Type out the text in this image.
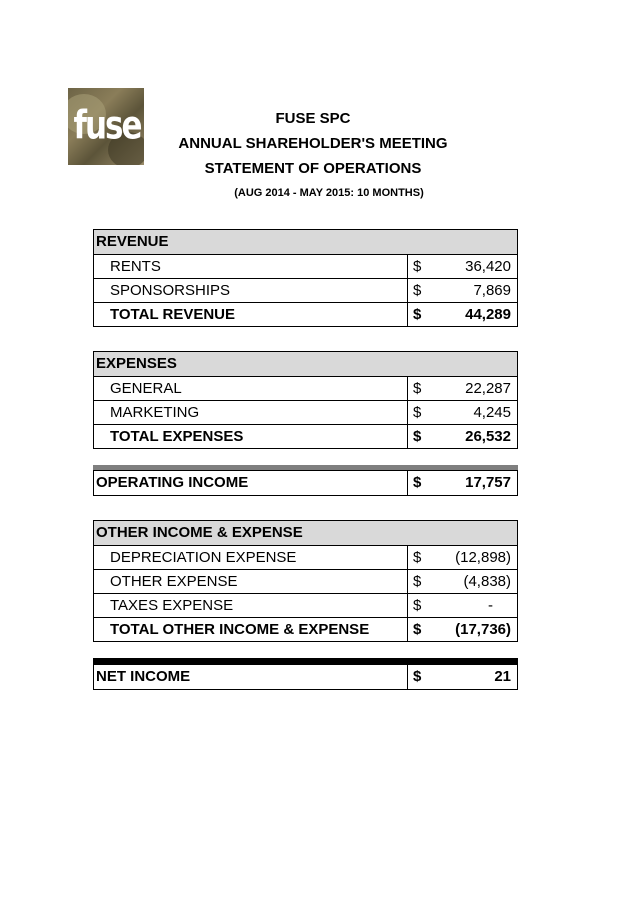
fuse	FUSE SPC
ANNUAL SHAREHOLDER'S MEETING
STATEMENT OF OPERATIONS
(AUG 2014 - MAY 2015: 10 MONTHS)
REVENUE
RENTS	$	36,420
SPONSORSHIPS	$	7,869
TOTAL REVENUE	$	44,289
EXPENSES
GENERAL	$	22,287
MARKETING	$	4,245
TOTAL EXPENSES	$	26,532
OPERATING INCOME	$	17,757
OTHER INCOME & EXPENSE
DEPRECIATION EXPENSE	$ (12,898)
OTHER EXPENSE	$	(4,838)
TAXES EXPENSE	$	-
TOTAL OTHER INCOME & EXPENSE	$ (17,736)
NET INCOME	$	21
